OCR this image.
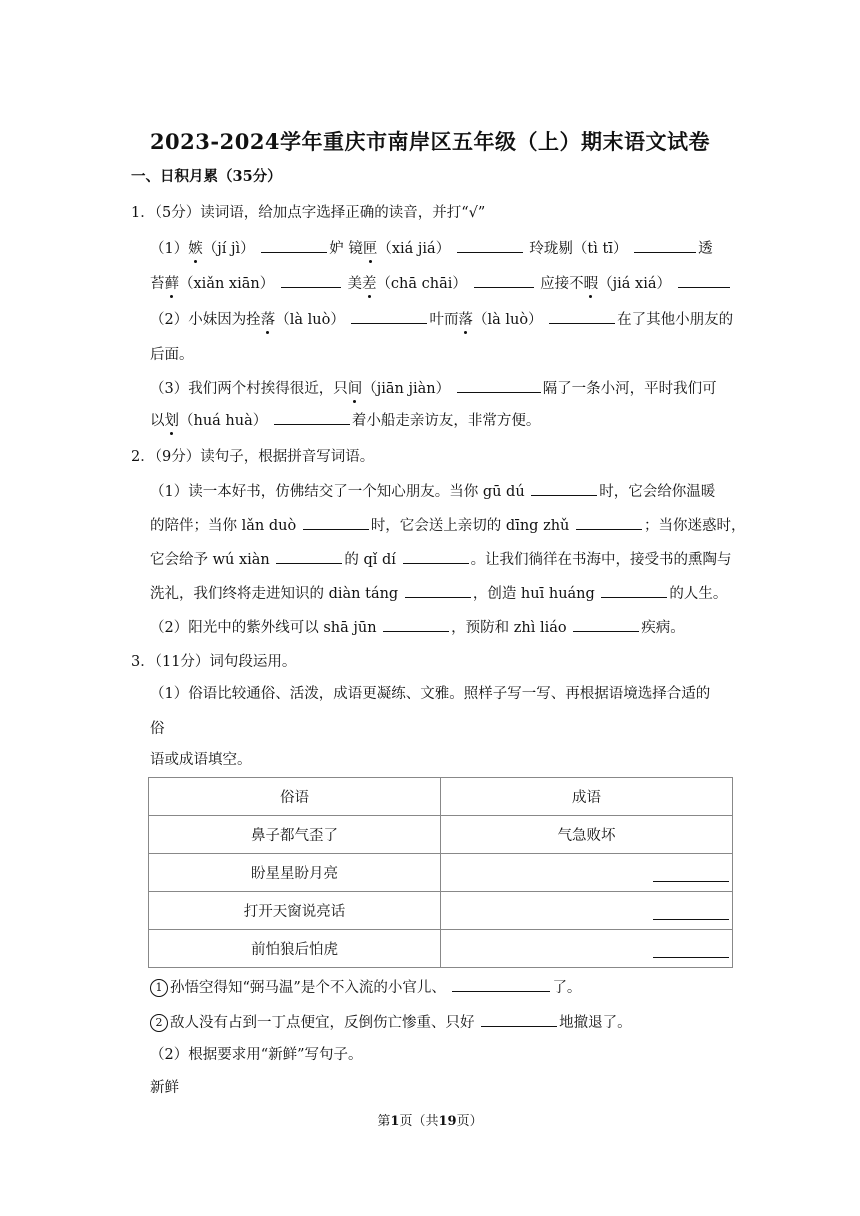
2023-2024学年重庆市南岸区五年级（上）期末语文试卷
一、日积月累（35分）
1．（5分）读词语，给加点字选择正确的读音，并打“√”
（1）嫉（jí jì）	妒 镜匣（xiá jiá）	玲珑剔（tì tī）	透
苔藓（xiǎn xiān）	美差（chā chāi）	应接不暇（jiá xiá）
（2）小妹因为拴落（là luò）	叶而落（là luò）	在了其他小朋友的
后面。
（3）我们两个村挨得很近，只间（jiān jiàn）	隔了一条小河，平时我们可
以划（huá huà）	着小船走亲访友，非常方便。
2．（9分）读句子，根据拼音写词语。
（1）读一本好书，仿佛结交了一个知心朋友。当你 gū dú	时，它会给你温暖
的陪伴；当你 lǎn duò	时，它会送上亲切的 dīng zhǔ	；当你迷惑时，
它会给予 wú xiàn	的 qǐ dí	。让我们徜徉在书海中，接受书的熏陶与
洗礼，我们终将走进知识的 diàn táng	，创造 huī huáng	的人生。
（2）阳光中的紫外线可以 shā jūn	，预防和 zhì liáo	疾病。
3．（11分）词句段运用。
（1）俗语比较通俗、活泼，成语更凝练、文雅。照样子写一写、再根据语境选择合适的
俗
语或成语填空。
俗语	成语
鼻子都气歪了	气急败坏
盼星星盼月亮	

打开天窗说亮话	

前怕狼后怕虎	
1 孙悟空得知“弼马温”是个不入流的小官儿、	了。
2 敌人没有占到一丁点便宜，反倒伤亡惨重、只好	地撤退了。
（2）根据要求用“新鲜”写句子。
新鲜
第1页（共19页）
